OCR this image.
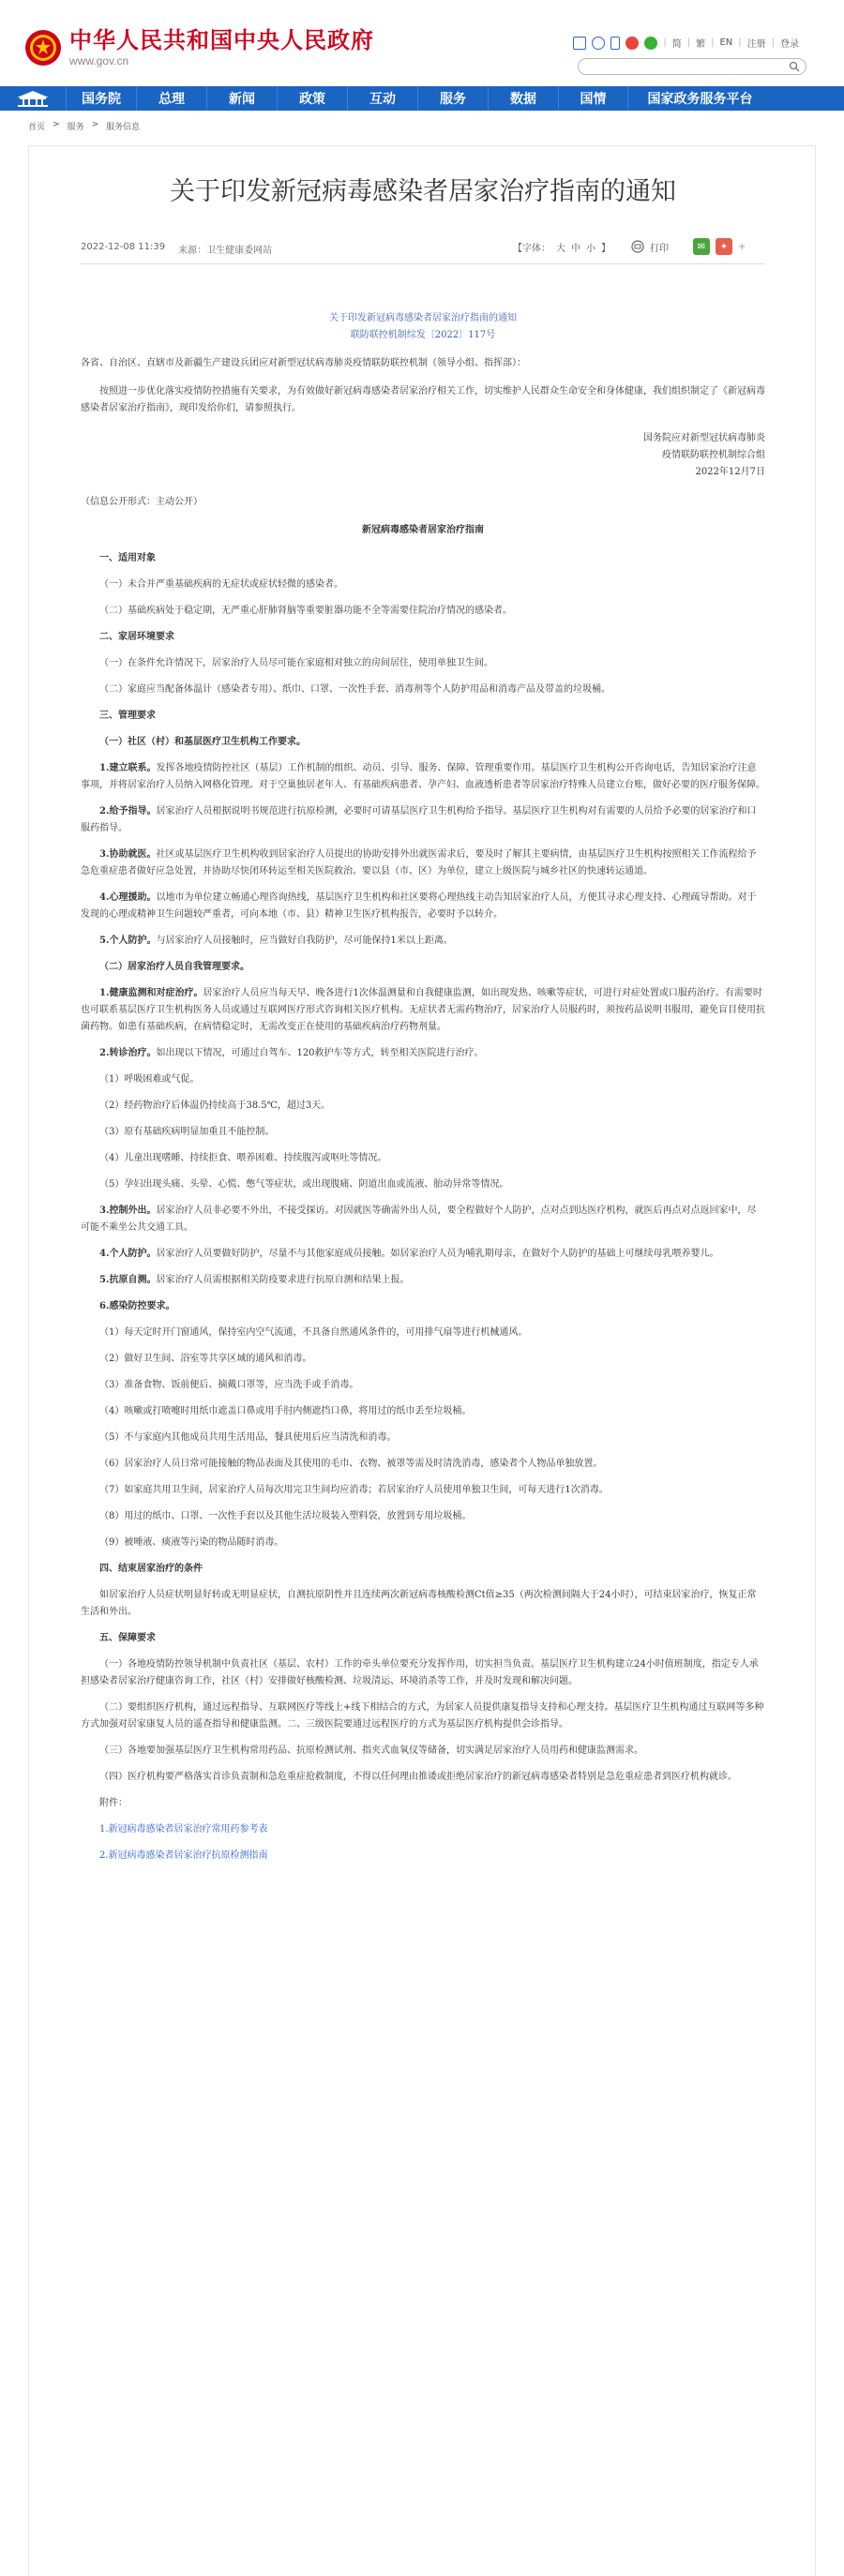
中华人民共和国中央人民政府
www.gov.cn
| 简 | 繁 | EN | 注册 | 登录
国务院	总理	新闻	政策	互动	服务	数据	国情	国家政务服务平台
首页 > 服务 > 服务信息
关于印发新冠病毒感染者居家治疗指南的通知
2022-12-08 11:39 来源：卫生健康委网站	【字体： 大 中 小 】	打印	✉	✦	+

关于印发新冠病毒感染者居家治疗指南的通知

联防联控机制综发〔2022〕117号

各省、自治区、直辖市及新疆生产建设兵团应对新型冠状病毒肺炎疫情联防联控机制（领导小组、指挥部）：

按照进一步优化落实疫情防控措施有关要求，为有效做好新冠病毒感染者居家治疗相关工作，切实维护人民群众生命安全和身体健康，我们组织制定了《新冠病毒感染者居家治疗指南》，现印发给你们，请参照执行。

国务院应对新型冠状病毒肺炎

疫情联防联控机制综合组

2022年12月7日

（信息公开形式：主动公开）

新冠病毒感染者居家治疗指南

一、适用对象

（一）未合并严重基础疾病的无症状或症状轻微的感染者。

（二）基础疾病处于稳定期，无严重心肝肺肾脑等重要脏器功能不全等需要住院治疗情况的感染者。

二、家居环境要求

（一）在条件允许情况下，居家治疗人员尽可能在家庭相对独立的房间居住，使用单独卫生间。

（二）家庭应当配备体温计（感染者专用）、纸巾、口罩、一次性手套、消毒剂等个人防护用品和消毒产品及带盖的垃圾桶。

三、管理要求

（一）社区（村）和基层医疗卫生机构工作要求。

1.建立联系。发挥各地疫情防控社区（基层）工作机制的组织、动员、引导、服务、保障、管理重要作用。基层医疗卫生机构公开咨询电话，告知居家治疗注意事项，并将居家治疗人员纳入网格化管理。对于空巢独居老年人、有基础疾病患者、孕产妇、血液透析患者等居家治疗特殊人员建立台账，做好必要的医疗服务保障。

2.给予指导。居家治疗人员根据说明书规范进行抗原检测，必要时可请基层医疗卫生机构给予指导。基层医疗卫生机构对有需要的人员给予必要的居家治疗和口服药指导。

3.协助就医。社区或基层医疗卫生机构收到居家治疗人员提出的协助安排外出就医需求后，要及时了解其主要病情，由基层医疗卫生机构按照相关工作流程给予急危重症患者做好应急处置，并协助尽快闭环转运至相关医院救治。要以县（市、区）为单位，建立上级医院与城乡社区的快速转运通道。

4.心理援助。以地市为单位建立畅通心理咨询热线，基层医疗卫生机构和社区要将心理热线主动告知居家治疗人员，方便其寻求心理支持、心理疏导帮助。对于发现的心理或精神卫生问题较严重者，可向本地（市、县）精神卫生医疗机构报告，必要时予以转介。

5.个人防护。与居家治疗人员接触时，应当做好自我防护，尽可能保持1米以上距离。

（二）居家治疗人员自我管理要求。

1.健康监测和对症治疗。居家治疗人员应当每天早、晚各进行1次体温测量和自我健康监测，如出现发热、咳嗽等症状，可进行对症处置或口服药治疗。有需要时也可联系基层医疗卫生机构医务人员或通过互联网医疗形式咨询相关医疗机构。无症状者无需药物治疗，居家治疗人员服药时，须按药品说明书服用，避免盲目使用抗菌药物。如患有基础疾病，在病情稳定时，无需改变正在使用的基础疾病治疗药物剂量。

2.转诊治疗。如出现以下情况，可通过自驾车、120救护车等方式，转至相关医院进行治疗。

（1）呼吸困难或气促。

（2）经药物治疗后体温仍持续高于38.5℃，超过3天。

（3）原有基础疾病明显加重且不能控制。

（4）儿童出现嗜睡、持续拒食、喂养困难、持续腹泻或呕吐等情况。

（5）孕妇出现头痛、头晕、心慌、憋气等症状，或出现腹痛、阴道出血或流液、胎动异常等情况。

3.控制外出。居家治疗人员非必要不外出，不接受探访。对因就医等确需外出人员，要全程做好个人防护，点对点到达医疗机构，就医后再点对点返回家中，尽可能不乘坐公共交通工具。

4.个人防护。居家治疗人员要做好防护，尽量不与其他家庭成员接触。如居家治疗人员为哺乳期母亲，在做好个人防护的基础上可继续母乳喂养婴儿。

5.抗原自测。居家治疗人员需根据相关防疫要求进行抗原自测和结果上报。

6.感染防控要求。

（1）每天定时开门窗通风，保持室内空气流通，不具备自然通风条件的，可用排气扇等进行机械通风。

（2）做好卫生间、浴室等共享区域的通风和消毒。

（3）准备食物、饭前便后、摘戴口罩等，应当洗手或手消毒。

（4）咳嗽或打喷嚏时用纸巾遮盖口鼻或用手肘内侧遮挡口鼻，将用过的纸巾丢至垃圾桶。

（5）不与家庭内其他成员共用生活用品，餐具使用后应当清洗和消毒。

（6）居家治疗人员日常可能接触的物品表面及其使用的毛巾、衣物、被罩等需及时清洗消毒，感染者个人物品单独放置。

（7）如家庭共用卫生间，居家治疗人员每次用完卫生间均应消毒；若居家治疗人员使用单独卫生间，可每天进行1次消毒。

（8）用过的纸巾、口罩、一次性手套以及其他生活垃圾装入塑料袋，放置到专用垃圾桶。

（9）被唾液、痰液等污染的物品随时消毒。

四、结束居家治疗的条件

如居家治疗人员症状明显好转或无明显症状，自测抗原阴性并且连续两次新冠病毒核酸检测Ct值≥35（两次检测间隔大于24小时），可结束居家治疗，恢复正常生活和外出。

五、保障要求

（一）各地疫情防控领导机制中负责社区（基层、农村）工作的牵头单位要充分发挥作用，切实担当负责。基层医疗卫生机构建立24小时值班制度，指定专人承担感染者居家治疗健康咨询工作，社区（村）安排做好核酸检测、垃圾清运、环境消杀等工作，并及时发现和解决问题。

（二）要组织医疗机构，通过远程指导、互联网医疗等线上+线下相结合的方式，为居家人员提供康复指导支持和心理支持。基层医疗卫生机构通过互联网等多种方式加强对居家康复人员的遥查指导和健康监测。二、三级医院要通过远程医疗的方式为基层医疗机构提供会诊指导。

（三）各地要加强基层医疗卫生机构常用药品、抗原检测试剂、指夹式血氧仪等储备，切实满足居家治疗人员用药和健康监测需求。

（四）医疗机构要严格落实首诊负责制和急危重症抢救制度，不得以任何理由推诿或拒绝居家治疗的新冠病毒感染者特别是急危重症患者到医疗机构就诊。

附件：

1.新冠病毒感染者居家治疗常用药参考表

2.新冠病毒感染者居家治疗抗原检测指南
